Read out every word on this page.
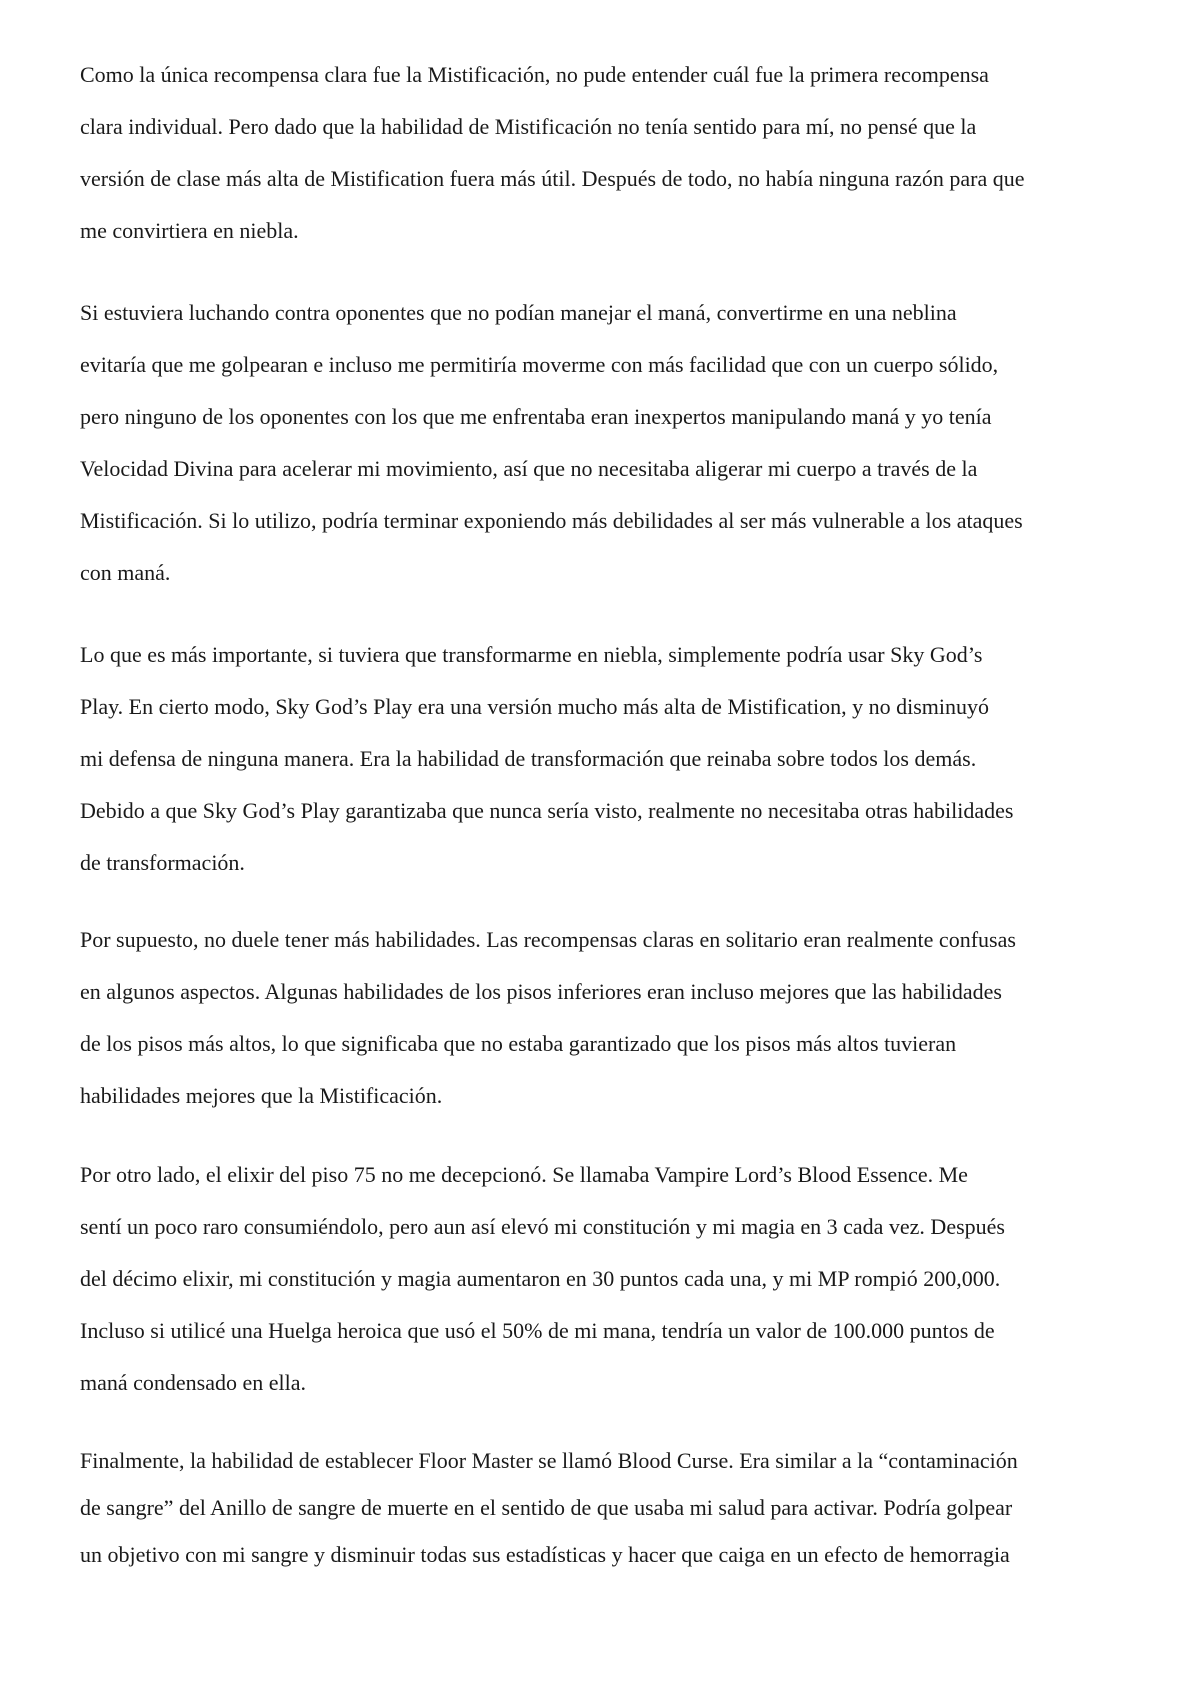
Como la única recompensa clara fue la Mistificación, no pude entender cuál fue la primera recompensa
clara individual. Pero dado que la habilidad de Mistificación no tenía sentido para mí, no pensé que la
versión de clase más alta de Mistification fuera más útil. Después de todo, no había ninguna razón para que
me convirtiera en niebla.
Si estuviera luchando contra oponentes que no podían manejar el maná, convertirme en una neblina
evitaría que me golpearan e incluso me permitiría moverme con más facilidad que con un cuerpo sólido,
pero ninguno de los oponentes con los que me enfrentaba eran inexpertos manipulando maná y yo tenía
Velocidad Divina para acelerar mi movimiento, así que no necesitaba aligerar mi cuerpo a través de la
Mistificación. Si lo utilizo, podría terminar exponiendo más debilidades al ser más vulnerable a los ataques
con maná.
Lo que es más importante, si tuviera que transformarme en niebla, simplemente podría usar Sky God’s
Play. En cierto modo, Sky God’s Play era una versión mucho más alta de Mistification, y no disminuyó
mi defensa de ninguna manera. Era la habilidad de transformación que reinaba sobre todos los demás.
Debido a que Sky God’s Play garantizaba que nunca sería visto, realmente no necesitaba otras habilidades
de transformación.
Por supuesto, no duele tener más habilidades. Las recompensas claras en solitario eran realmente confusas
en algunos aspectos. Algunas habilidades de los pisos inferiores eran incluso mejores que las habilidades
de los pisos más altos, lo que significaba que no estaba garantizado que los pisos más altos tuvieran
habilidades mejores que la Mistificación.
Por otro lado, el elixir del piso 75 no me decepcionó. Se llamaba Vampire Lord’s Blood Essence. Me
sentí un poco raro consumiéndolo, pero aun así elevó mi constitución y mi magia en 3 cada vez. Después
del décimo elixir, mi constitución y magia aumentaron en 30 puntos cada una, y mi MP rompió 200,000.
Incluso si utilicé una Huelga heroica que usó el 50% de mi mana, tendría un valor de 100.000 puntos de
maná condensado en ella.
Finalmente, la habilidad de establecer Floor Master se llamó Blood Curse. Era similar a la “contaminación
de sangre” del Anillo de sangre de muerte en el sentido de que usaba mi salud para activar. Podría golpear
un objetivo con mi sangre y disminuir todas sus estadísticas y hacer que caiga en un efecto de hemorragia
